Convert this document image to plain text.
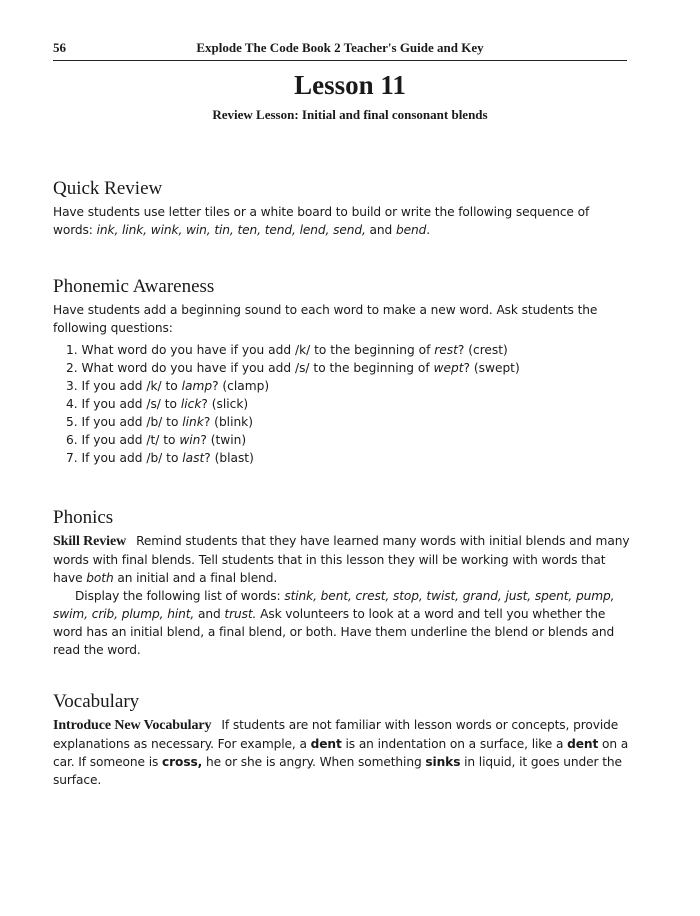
56	Explode The Code Book 2 Teacher's Guide and Key
Lesson 11
Review Lesson: Initial and final consonant blends
Quick Review

Have students use letter tiles or a white board to build or write the following sequence of words: ink, link, wink, win, tin, ten, tend, lend, send, and bend.

Phonemic Awareness

Have students add a beginning sound to each word to make a new word. Ask students the following questions:

1. What word do you have if you add /k/ to the beginning of rest? (crest)
2. What word do you have if you add /s/ to the beginning of wept? (swept)
3. If you add /k/ to lamp? (clamp)
4. If you add /s/ to lick? (slick)
5. If you add /b/ to link? (blink)
6. If you add /t/ to win? (twin)
7. If you add /b/ to last? (blast)
Phonics

Skill Review Remind students that they have learned many words with initial blends and many words with final blends. Tell students that in this lesson they will be working with words that have both an initial and a final blend.

Display the following list of words: stink, bent, crest, stop, twist, grand, just, spent, pump, swim, crib, plump, hint, and trust. Ask volunteers to look at a word and tell you whether the word has an initial blend, a final blend, or both. Have them underline the blend or blends and read the word.

Vocabulary

Introduce New Vocabulary If students are not familiar with lesson words or concepts, provide explanations as necessary. For example, a dent is an indentation on a surface, like a dent on a car. If someone is cross, he or she is angry. When something sinks in liquid, it goes under the surface.
